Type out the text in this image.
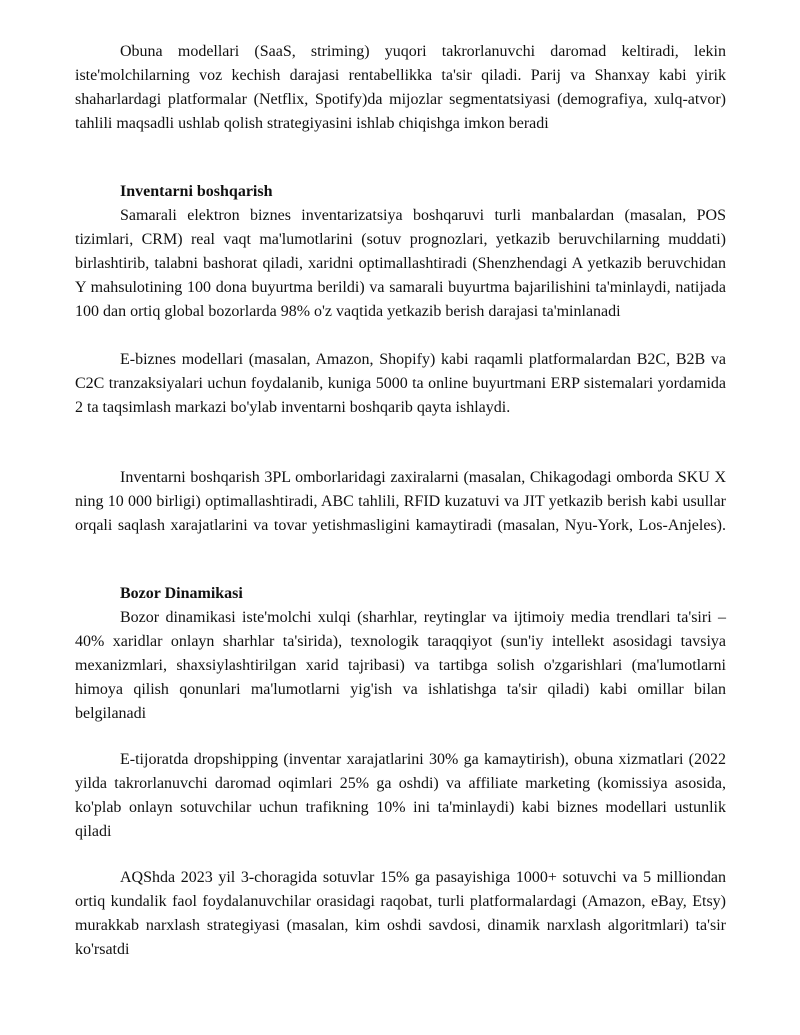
Obuna modellari (SaaS, striming) yuqori takrorlanuvchi daromad keltiradi, lekin iste'molchilarning voz kechish darajasi rentabellikka ta'sir qiladi. Parij va Shanxay kabi yirik shaharlardagi platformalar (Netflix, Spotify)da mijozlar segmentatsiyasi (demografiya, xulq-atvor) tahlili maqsadli ushlab qolish strategiyasini ishlab chiqishga imkon beradi

Inventarni boshqarish

Samarali elektron biznes inventarizatsiya boshqaruvi turli manbalardan (masalan, POS tizimlari, CRM) real vaqt ma'lumotlarini (sotuv prognozlari, yetkazib beruvchilarning muddati) birlashtirib, talabni bashorat qiladi, xaridni optimallashtiradi (Shenzhendagi A yetkazib beruvchidan Y mahsulotining 100 dona buyurtma berildi) va samarali buyurtma bajarilishini ta'minlaydi, natijada 100 dan ortiq global bozorlarda 98% o'z vaqtida yetkazib berish darajasi ta'minlanadi

E-biznes modellari (masalan, Amazon, Shopify) kabi raqamli platformalardan B2C, B2B va C2C tranzaksiyalari uchun foydalanib, kuniga 5000 ta online buyurtmani ERP sistemalari yordamida 2 ta taqsimlash markazi bo'ylab inventarni boshqarib qayta ishlaydi.

Inventarni boshqarish 3PL omborlaridagi zaxiralarni (masalan, Chikagodagi omborda SKU X ning 10 000 birligi) optimallashtiradi, ABC tahlili, RFID kuzatuvi va JIT yetkazib berish kabi usullar orqali saqlash xarajatlarini va tovar yetishmasligini kamaytiradi (masalan, Nyu-York, Los-Anjeles).

Bozor Dinamikasi

Bozor dinamikasi iste'molchi xulqi (sharhlar, reytinglar va ijtimoiy media trendlari ta'siri – 40% xaridlar onlayn sharhlar ta'sirida), texnologik taraqqiyot (sun'iy intellekt asosidagi tavsiya mexanizmlari, shaxsiylashtirilgan xarid tajribasi) va tartibga solish o'zgarishlari (ma'lumotlarni himoya qilish qonunlari ma'lumotlarni yig'ish va ishlatishga ta'sir qiladi) kabi omillar bilan belgilanadi

E-tijoratda dropshipping (inventar xarajatlarini 30% ga kamaytirish), obuna xizmatlari (2022 yilda takrorlanuvchi daromad oqimlari 25% ga oshdi) va affiliate marketing (komissiya asosida, ko'plab onlayn sotuvchilar uchun trafikning 10% ini ta'minlaydi) kabi biznes modellari ustunlik qiladi

AQShda 2023 yil 3-choragida sotuvlar 15% ga pasayishiga 1000+ sotuvchi va 5 milliondan ortiq kundalik faol foydalanuvchilar orasidagi raqobat, turli platformalardagi (Amazon, eBay, Etsy) murakkab narxlash strategiyasi (masalan, kim oshdi savdosi, dinamik narxlash algoritmlari) ta'sir ko'rsatdi
